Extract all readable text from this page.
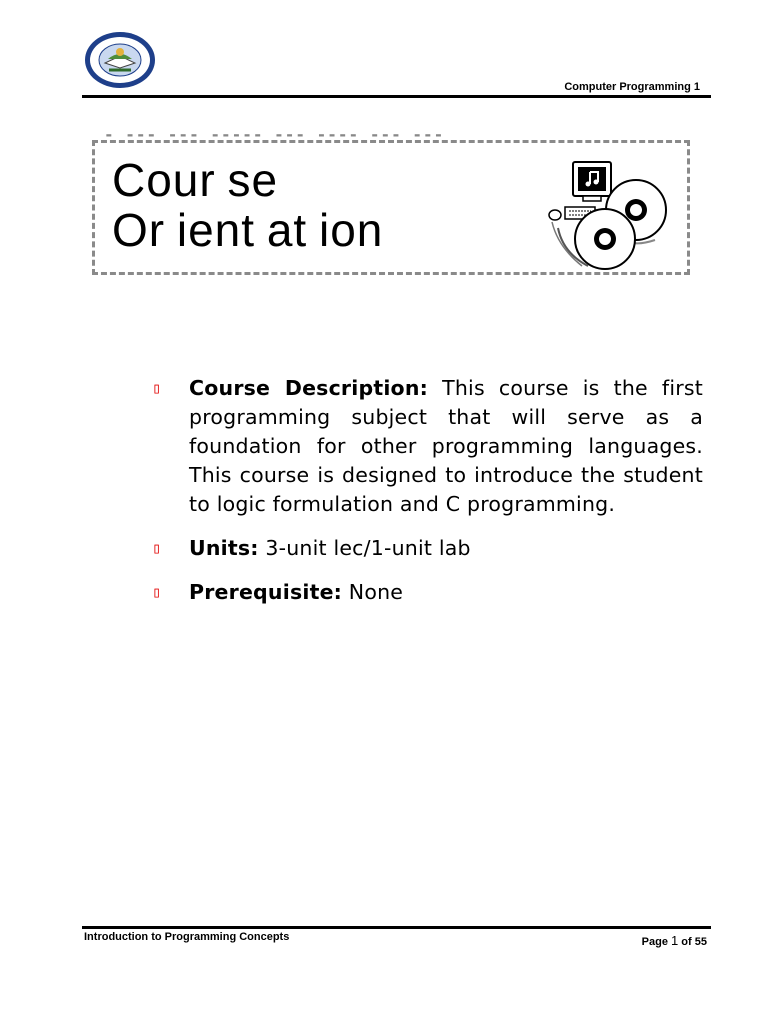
Computer Programming 1
- --- --- ----- --- ---- --- ---
Cour se
Or ient at ion
▯ Course Description: This course is the first programming subject that will serve as a foundation for other programming languages. This course is designed to introduce the student to logic formulation and C programming.
▯ Units: 3-unit lec/1-unit lab
▯ Prerequisite: None
Introduction to Programming Concepts	Page 1 of 55
